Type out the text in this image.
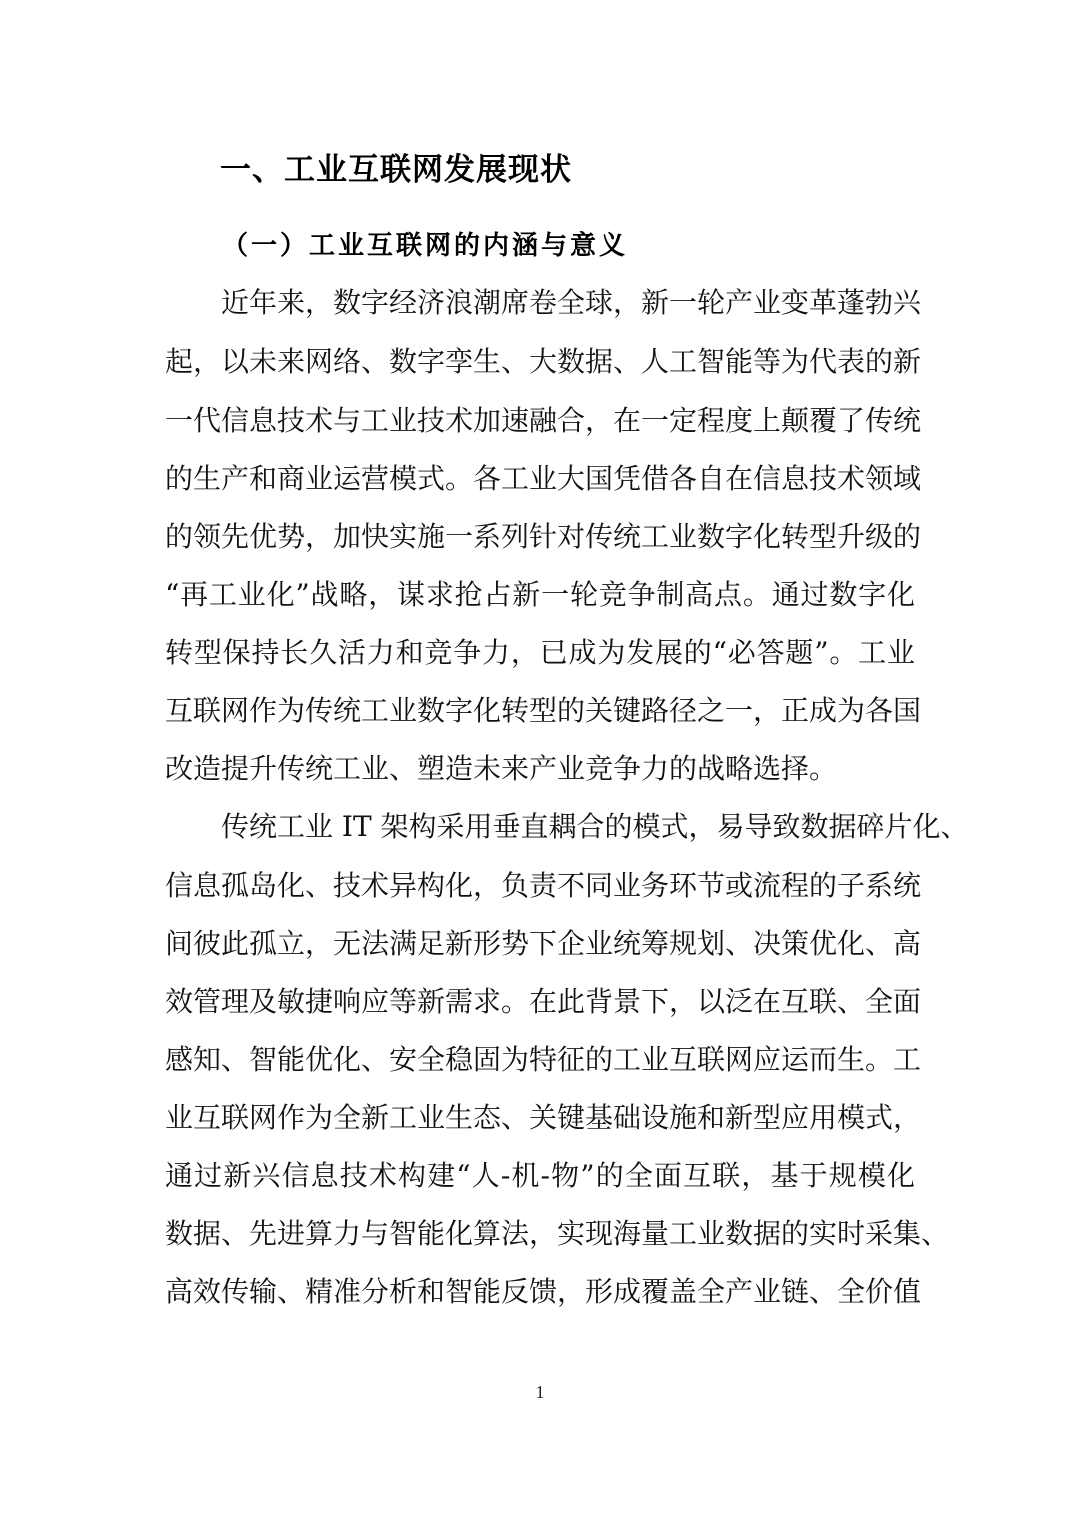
一、工业互联网发展现状
（一）工业互联网的内涵与意义
近年来，数字经济浪潮席卷全球，新一轮产业变革蓬勃兴
起，以未来网络、数字孪生、大数据、人工智能等为代表的新
一代信息技术与工业技术加速融合，在一定程度上颠覆了传统
的生产和商业运营模式。各工业大国凭借各自在信息技术领域
的领先优势，加快实施一系列针对传统工业数字化转型升级的
“再工业化”战略，谋求抢占新一轮竞争制高点。通过数字化
转型保持长久活力和竞争力，已成为发展的“必答题”。工业
互联网作为传统工业数字化转型的关键路径之一，正成为各国
改造提升传统工业、塑造未来产业竞争力的战略选择。
传统工业 IT 架构采用垂直耦合的模式，易导致数据碎片化、
信息孤岛化、技术异构化，负责不同业务环节或流程的子系统
间彼此孤立，无法满足新形势下企业统筹规划、决策优化、高
效管理及敏捷响应等新需求。在此背景下，以泛在互联、全面
感知、智能优化、安全稳固为特征的工业互联网应运而生。工
业互联网作为全新工业生态、关键基础设施和新型应用模式，
通过新兴信息技术构建“人-机-物”的全面互联，基于规模化
数据、先进算力与智能化算法，实现海量工业数据的实时采集、
高效传输、精准分析和智能反馈，形成覆盖全产业链、全价值
1
